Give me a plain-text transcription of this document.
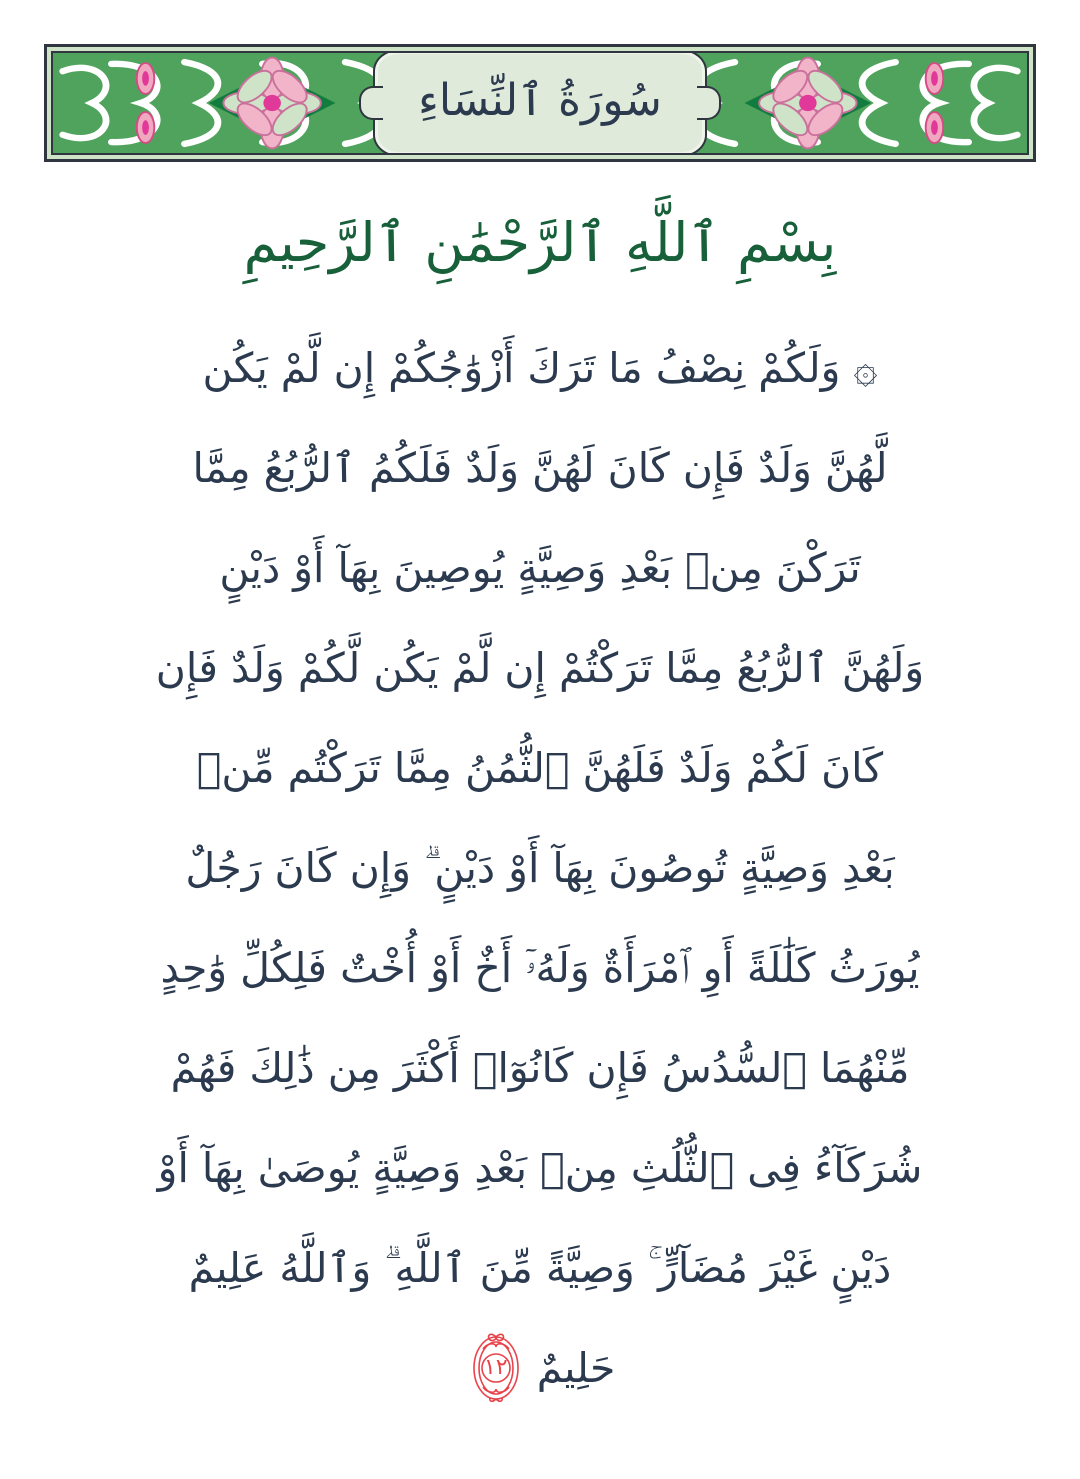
سُورَةُ ٱلنِّسَاءِ
بِسْمِ ٱللَّهِ ٱلرَّحْمَٰنِ ٱلرَّحِيمِ
۞ وَلَكُمْ نِصْفُ مَا تَرَكَ أَزْوَٰجُكُمْ إِن لَّمْ يَكُن
لَّهُنَّ وَلَدٌ فَإِن كَانَ لَهُنَّ وَلَدٌ فَلَكُمُ ٱلرُّبُعُ مِمَّا
تَرَكْنَ مِنۢ بَعْدِ وَصِيَّةٍ يُوصِينَ بِهَآ أَوْ دَيْنٍ
وَلَهُنَّ ٱلرُّبُعُ مِمَّا تَرَكْتُمْ إِن لَّمْ يَكُن لَّكُمْ وَلَدٌ فَإِن
كَانَ لَكُمْ وَلَدٌ فَلَهُنَّ ٱلثُّمُنُ مِمَّا تَرَكْتُم مِّنۢ
بَعْدِ وَصِيَّةٍ تُوصُونَ بِهَآ أَوْ دَيْنٍ ۗ وَإِن كَانَ رَجُلٌ
يُورَثُ كَلَٰلَةً أَوِ ٱمْرَأَةٌ وَلَهُۥٓ أَخٌ أَوْ أُخْتٌ فَلِكُلِّ وَٰحِدٍ
مِّنْهُمَا ٱلسُّدُسُ فَإِن كَانُوٓا۟ أَكْثَرَ مِن ذَٰلِكَ فَهُمْ
شُرَكَآءُ فِى ٱلثُّلُثِ مِنۢ بَعْدِ وَصِيَّةٍ يُوصَىٰ بِهَآ أَوْ
دَيْنٍ غَيْرَ مُضَآرٍّ ۚ وَصِيَّةً مِّنَ ٱللَّهِ ۗ وَٱللَّهُ عَلِيمٌ
حَلِيمٌ
١٢
